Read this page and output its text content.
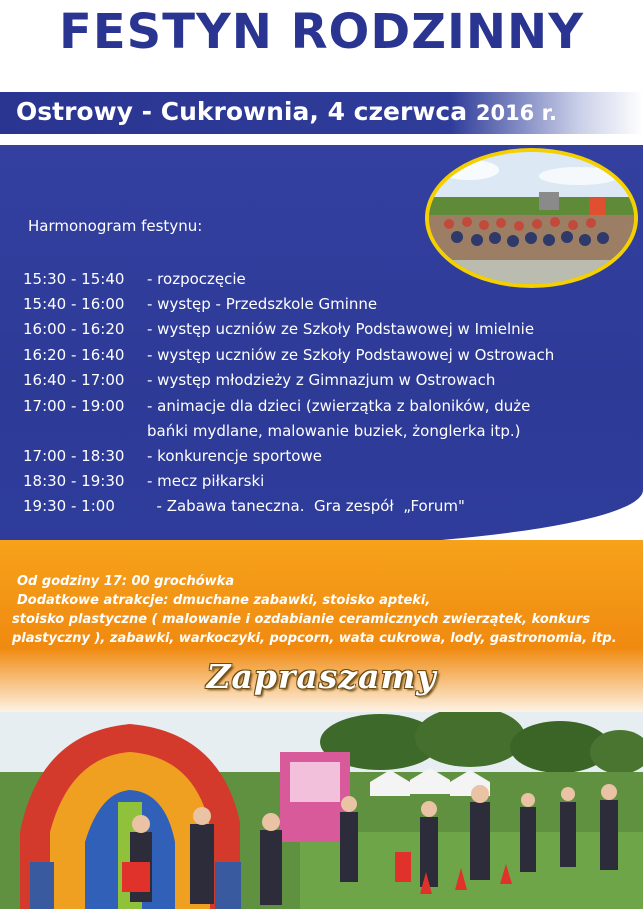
FESTYN RODZINNY
Ostrowy - Cukrownia, 4 czerwca 2016 r.
Harmonogram festynu:
15:30 - 15:40 - rozpoczęcie
15:40 - 16:00 - występ - Przedszkole Gminne
16:00 - 16:20 - występ uczniów ze Szkoły Podstawowej w Imielnie
16:20 - 16:40 - występ uczniów ze Szkoły Podstawowej w Ostrowach
16:40 - 17:00 - występ młodzieży z Gimnazjum w Ostrowach
17:00 - 19:00 - animacje dla dzieci (zwierzątka z baloników, duże
bańki mydlane, malowanie buziek, żonglerka itp.)
17:00 - 18:30 - konkurencje sportowe
18:30 - 19:30 - mecz piłkarski
19:30 - 1:00  - Zabawa taneczna.  Gra zespół  „Forum"
Od godziny 17: 00 grochówka
Dodatkowe atrakcje: dmuchane zabawki, stoisko apteki,
stoisko plastyczne ( malowanie i ozdabianie ceramicznych zwierzątek, konkurs
plastyczny ), zabawki, warkoczyki, popcorn, wata cukrowa, lody, gastronomia, itp.
Zapraszamy
